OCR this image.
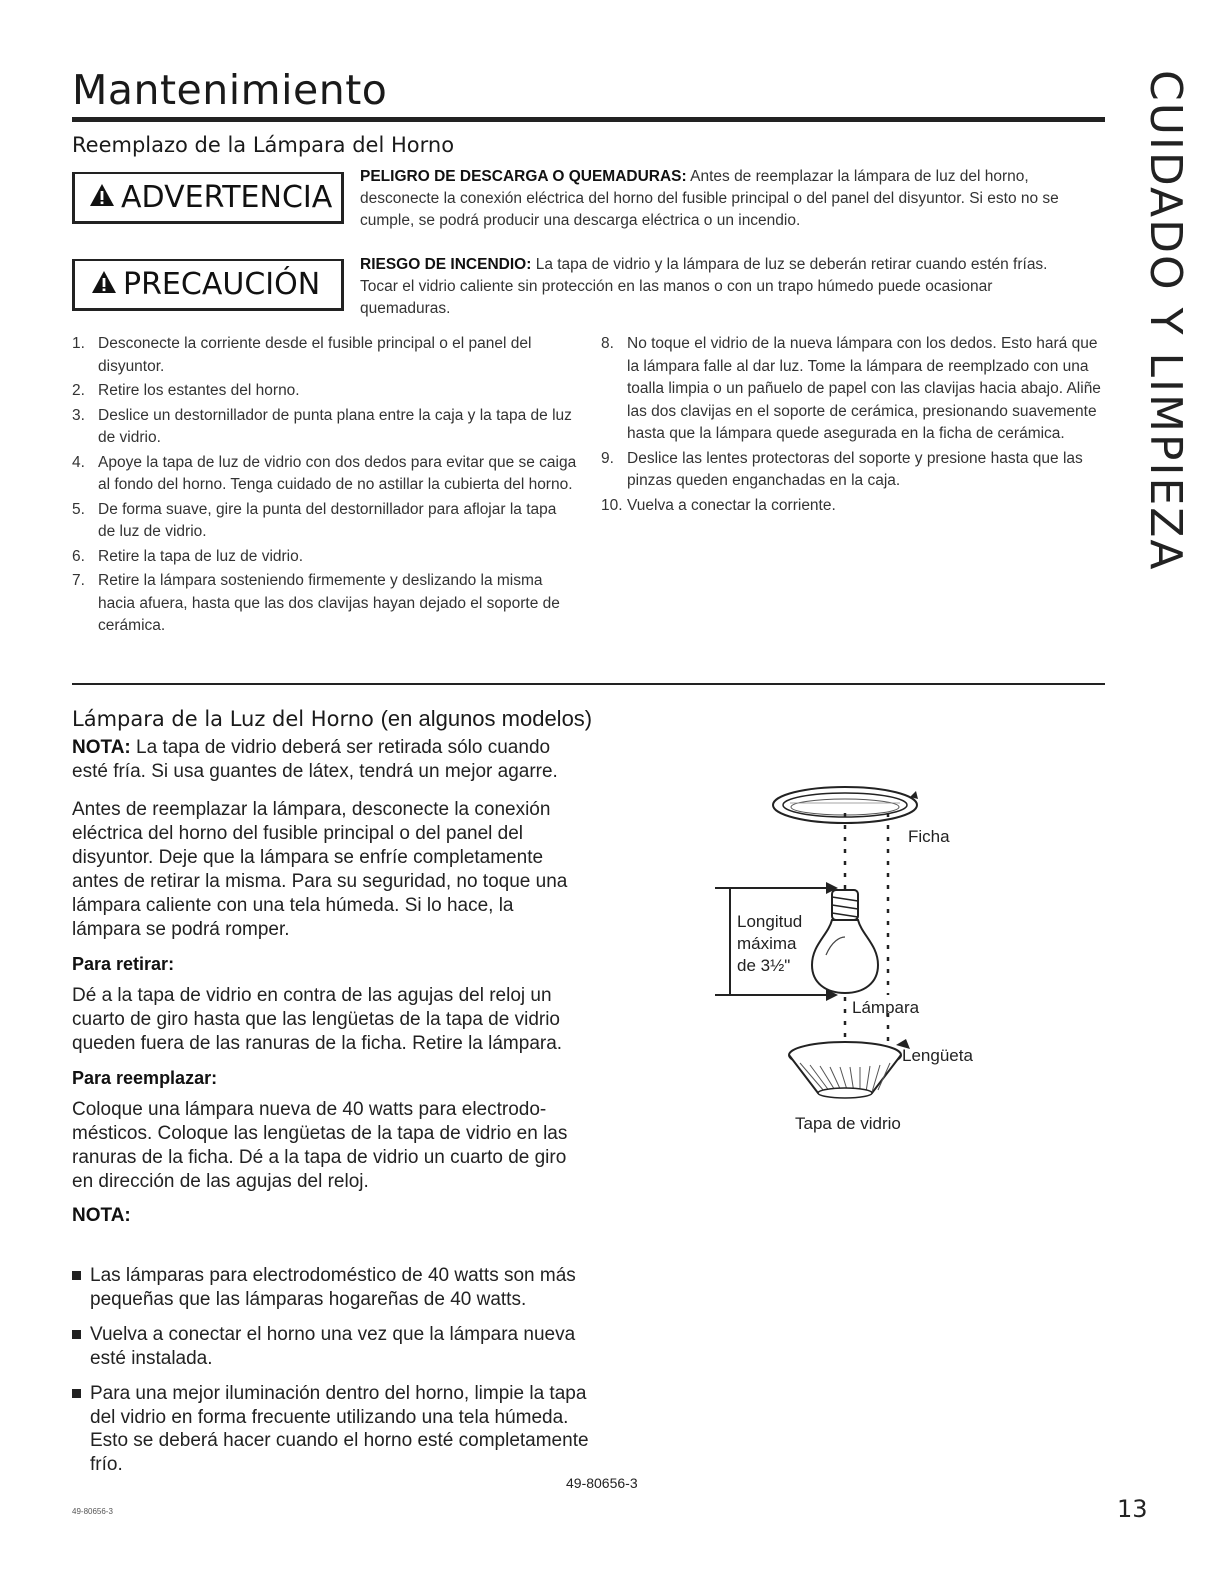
Mantenimiento
Reemplazo de la Lámpara del Horno	CUIDADO Y LIMPIEZA
ADVERTENCIA
PELIGRO DE DESCARGA O QUEMADURAS: Antes de reemplazar la lámpara de luz del horno, desconecte la conexión eléctrica del horno del fusible principal o del panel del disyuntor. Si esto no se cumple, se podrá producir una descarga eléctrica o un incendio.
PRECAUCIÓN
RIESGO DE INCENDIO: La tapa de vidrio y la lámpara de luz se deberán retirar cuando estén frías. Tocar el vidrio caliente sin protección en las manos o con un trapo húmedo puede ocasionar quemaduras.
1. Desconecte la corriente desde el fusible principal o el panel del disyuntor.
2. Retire los estantes del horno.
3. Deslice un destornillador de punta plana entre la caja y la tapa de luz de vidrio.
4. Apoye la tapa de luz de vidrio con dos dedos para evitar que se caiga al fondo del horno. Tenga cuidado de no astillar la cubierta del horno.
5. De forma suave, gire la punta del destornillador para aflojar la tapa de luz de vidrio.
6. Retire la tapa de luz de vidrio.
7. Retire la lámpara sosteniendo firmemente y deslizando la misma hacia afuera, hasta que las dos clavijas hayan dejado el soporte de cerámica.
8. No toque el vidrio de la nueva lámpara con los dedos. Esto hará que la lámpara falle al dar luz. Tome la lámpara de reemplzado con una toalla limpia o un pañuelo de papel con las clavijas hacia abajo. Aliñe las dos clavijas en el soporte de cerámica, presionando suavemente hasta que la lámpara quede asegurada en la ficha de cerámica.
9. Deslice las lentes protectoras del soporte y presione hasta que las pinzas queden enganchadas en la caja.
10. Vuelva a conectar la corriente.
Lámpara de la Luz del Horno (en algunos modelos)

NOTA: La tapa de vidrio deberá ser retirada sólo cuando esté fría. Si usa guantes de látex, tendrá un mejor agarre.

Antes de reemplazar la lámpara, desconecte la conexión eléctrica del horno del fusible principal o del panel del disyuntor. Deje que la lámpara se enfríe completamente antes de retirar la misma. Para su seguridad, no toque una lámpara caliente con una tela húmeda. Si lo hace, la lámpara se podrá romper.

Para retirar:

Dé a la tapa de vidrio en contra de las agujas del reloj un cuarto de giro hasta que las lengüetas de la tapa de vidrio queden fuera de las ranuras de la ficha. Retire la lámpara.

Para reemplazar:

Coloque una lámpara nueva de 40 watts para electrodomésticos. Coloque las lengüetas de la tapa de vidrio en las ranuras de la ficha. Dé a la tapa de vidrio un cuarto de giro en dirección de las agujas del reloj.

NOTA:

Las lámparas para electrodoméstico de 40 watts son más pequeñas que las lámparas hogareñas de 40 watts.
Vuelva a conectar el horno una vez que la lámpara nueva esté instalada.
Para una mejor iluminación dentro del horno, limpie la tapa del vidrio en forma frecuente utilizando una tela húmeda. Esto se deberá hacer cuando el horno esté completamente frío.
Ficha
Longitud
máxima
de 3½"
Lámpara
Lengüeta
Tapa de vidrio
49-80656-3
49-80656-3	13
